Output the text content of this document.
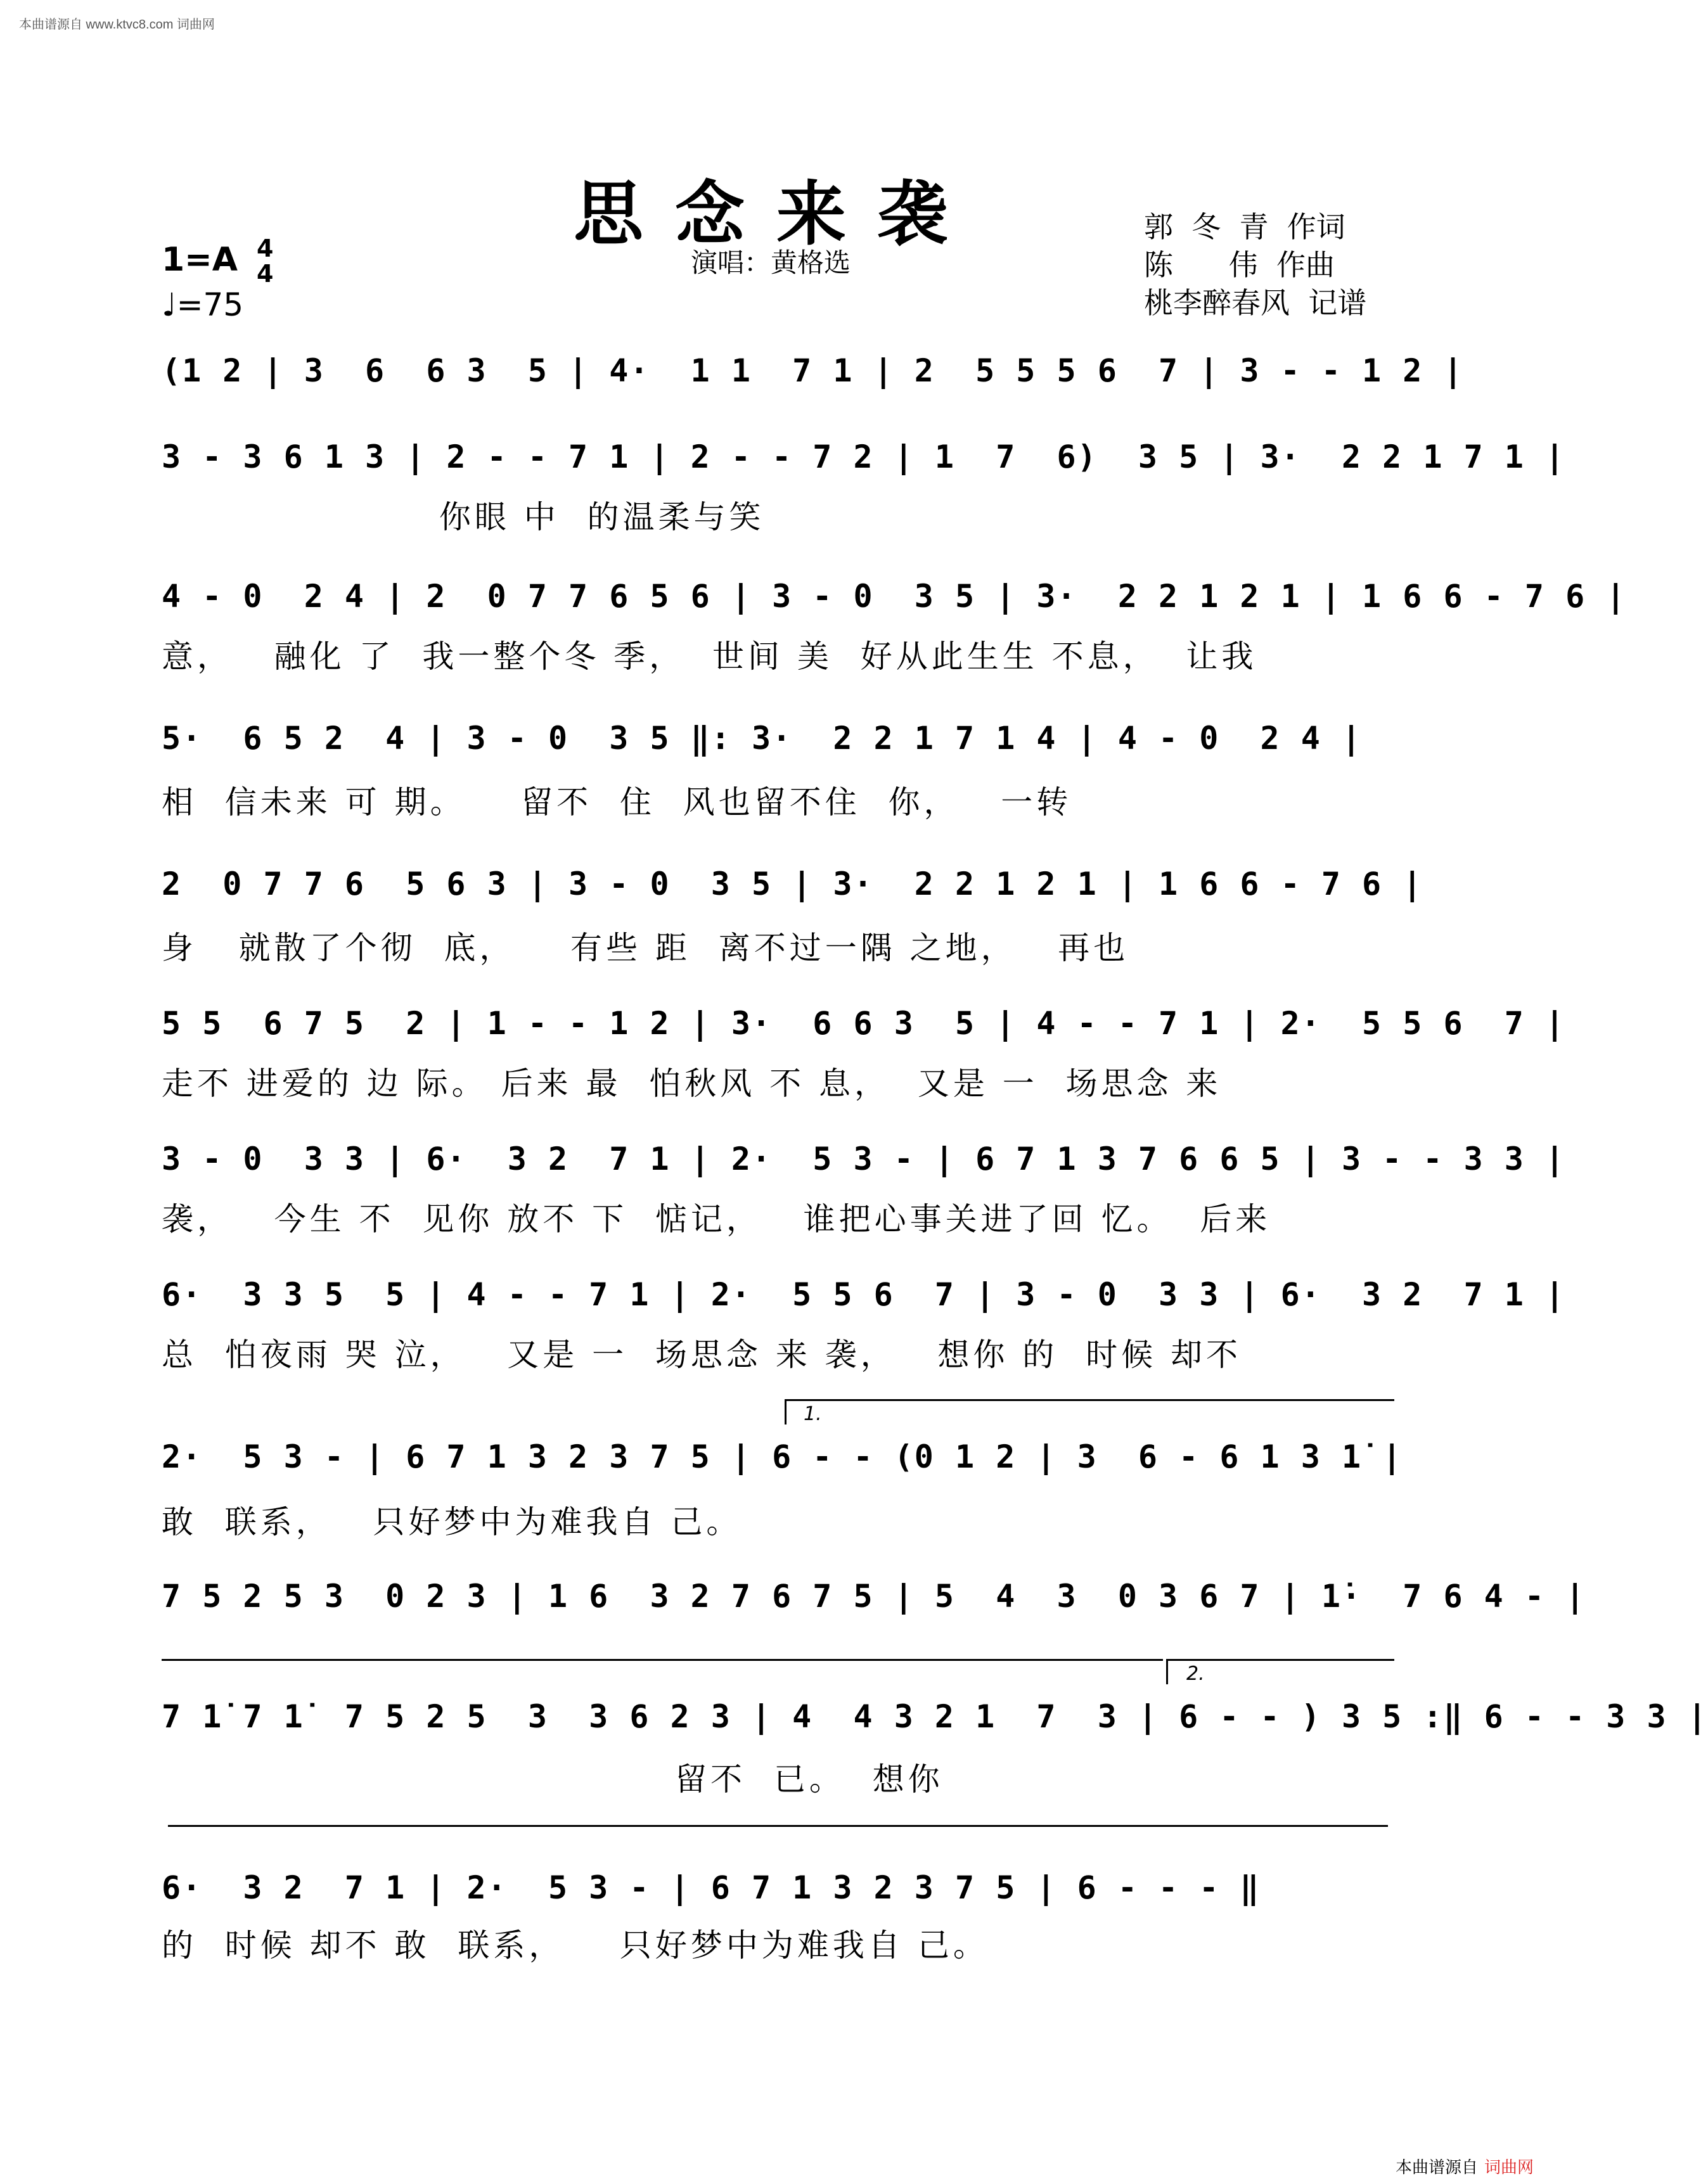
本曲谱源自 www.ktvc8.com 词曲网
思念来袭
演唱：黄格选
郭  冬  青  作词
陈      伟  作曲
桃李醉春风  记谱
1=A 4
4
♩=75
(1 2 | 3  6  6 3  5 | 4·  1 1  7 1 | 2  5 5 5 6  7 | 3 - - 1 2 |
3 - 3 6 1 3 | 2 - - 7 1 | 2 - - 7 2 | 1  7  6)  3 5 | 3·  2 2 1 7 1 |
你眼 中  的温柔与笑
4 - 0  2 4 | 2  0 7 7 6 5 6 | 3 - 0  3 5 | 3·  2 2 1 2 1 | 1 6 6 - 7 6 |
意，   融化 了  我一整个冬 季，  世间 美  好从此生生 不息，  让我
5·  6 5 2  4 | 3 - 0  3 5 ‖: 3·  2 2 1 7 1 4 | 4 - 0  2 4 |
相  信未来 可 期。    留不  住  风也留不住  你，   一转
2  0 7 7 6  5 6 3 | 3 - 0  3 5 | 3·  2 2 1 2 1 | 1 6 6 - 7 6 |
身   就散了个彻  底，    有些 距  离不过一隅 之地，   再也
5 5  6 7 5  2 | 1 - - 1 2 | 3·  6 6 3  5 | 4 - - 7 1 | 2·  5 5 6  7 |
走不 进爱的 边 际。 后来 最  怕秋风 不 息，  又是 一  场思念 来
3 - 0  3 3 | 6·  3 2  7 1 | 2·  5 3 - | 6 7 1 3 7 6 6 5 | 3 - - 3 3 |
袭，   今生 不  见你 放不 下  惦记，   谁把心事关进了回 忆。  后来
6·  3 3 5  5 | 4 - - 7 1 | 2·  5 5 6  7 | 3 - 0  3 3 | 6·  3 2  7 1 |
总  怕夜雨 哭 泣，   又是 一  场思念 来 袭，   想你 的  时候 却不
1.
2·  5 3 - | 6 7 1 3 2 3 7 5 | 6 - - (0 1 2 | 3  6 - 6 1 3 1̇ |
敢  联系，   只好梦中为难我自 己。
7 5 2 5 3  0 2 3 | 1 6  3 2 7 6 7 5 | 5  4  3  0 3 6 7 | 1̇·  7 6 4 - |
2.
7 1̇ 7 1̇  7 5 2 5  3  3 6 2 3 | 4  4 3 2 1  7  3 | 6 - - ) 3 5 :‖ 6 - - 3 3 |
留不  已。  想你
6·  3 2  7 1 | 2·  5 3 - | 6 7 1 3 2 3 7 5 | 6 - - - ‖
的  时候 却不 敢  联系，    只好梦中为难我自 己。
本曲谱源自 词曲网
